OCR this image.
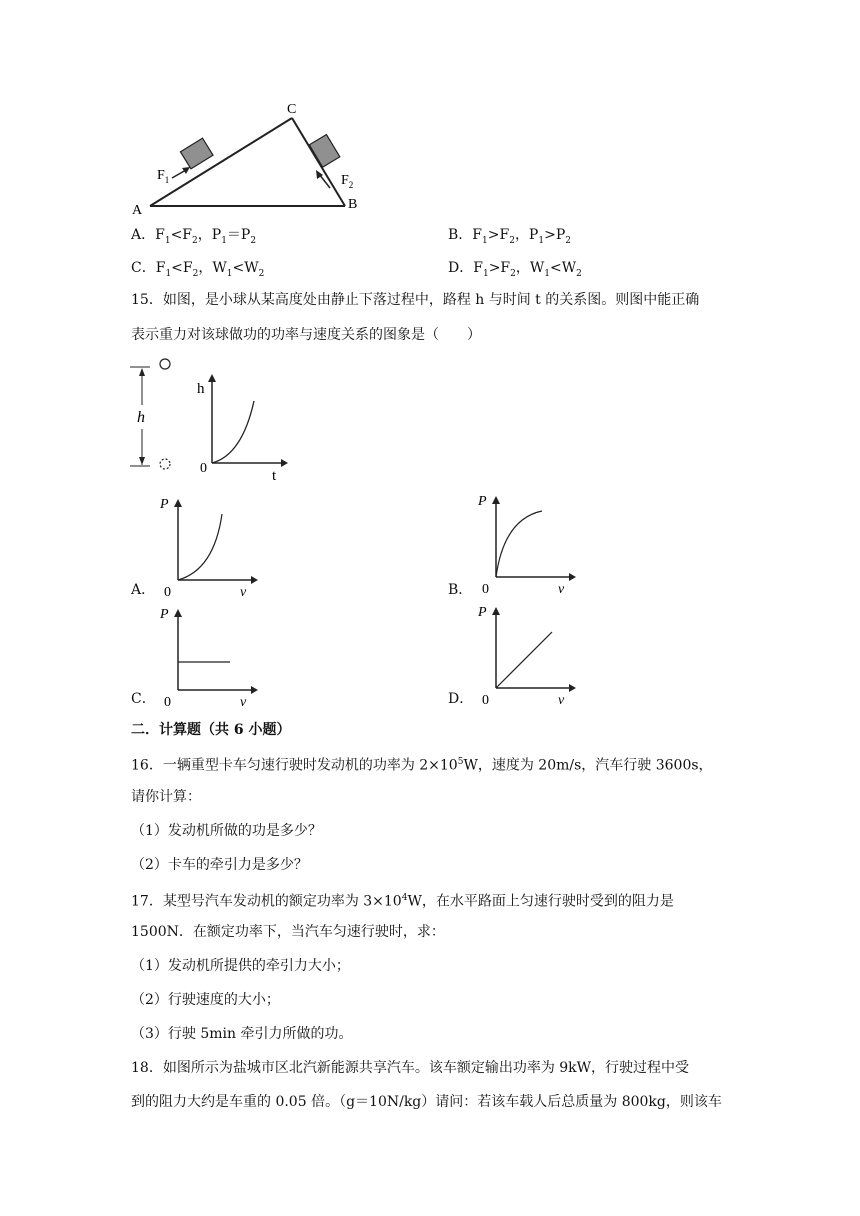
A	B
C
$F_1$	$F_2$
A．$F_1<F_2$，$P_1=P_2$	B．$F_1>F_2$，$P_1>P_2$
C．$F_1<F_2$，$W_1<W_2$	D．$F_1>F_2$，$W_1<W_2$
15．如图，是小球从某高度处由静止下落过程中，路程 h 与时间 t 的关系图。则图中能正确
表示重力对该球做功的功率与速度关系的图象是（　　）
h
h
t
0
A．
P
v
0	B．
P
v
0
C．
P
v
0	D．
P
v
0
二．计算题（共 6 小题）
16．一辆重型卡车匀速行驶时发动机的功率为 $2\times 10^5W$，速度为 20m/s，汽车行驶 3600s，
请你计算：
（1）发动机所做的功是多少？
（2）卡车的牵引力是多少？
17．某型号汽车发动机的额定功率为 $3\times 10^4W$，在水平路面上匀速行驶时受到的阻力是
1500N．在额定功率下，当汽车匀速行驶时，求：
（1）发动机所提供的牵引力大小；
（2）行驶速度的大小；
（3）行驶 5min 牵引力所做的功。
18．如图所示为盐城市区北汽新能源共享汽车。该车额定输出功率为 9kW，行驶过程中受
到的阻力大约是车重的 0.05 倍。（g＝10N/kg）请问：若该车载人后总质量为 800kg，则该车
